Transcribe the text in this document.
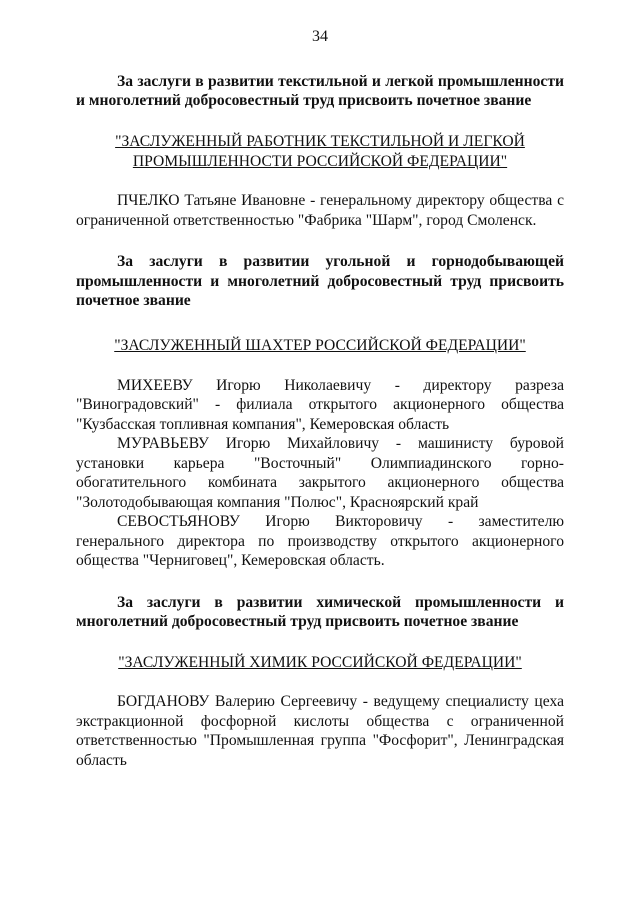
34

За заслуги в развитии текстильной и легкой промышленности и многолетний добросовестный труд присвоить почетное звание

"ЗАСЛУЖЕННЫЙ РАБОТНИК ТЕКСТИЛЬНОЙ И ЛЕГКОЙ
ПРОМЫШЛЕННОСТИ РОССИЙСКОЙ ФЕДЕРАЦИИ"

ПЧЕЛКО Татьяне Ивановне - генеральному директору общества с ограниченной ответственностью "Фабрика "Шарм", город Смоленск.

За заслуги в развитии угольной и горнодобывающей промышленности и многолетний добросовестный труд присвоить почетное звание

"ЗАСЛУЖЕННЫЙ ШАХТЕР РОССИЙСКОЙ ФЕДЕРАЦИИ"

МИХЕЕВУ Игорю Николаевичу - директору разреза "Виноградовский" - филиала открытого акционерного общества "Кузбасская топливная компания", Кемеровская область

МУРАВЬЕВУ Игорю Михайловичу - машинисту буровой установки карьера "Восточный" Олимпиадинского горно-обогатительного комбината закрытого акционерного общества "Золотодобывающая компания "Полюс", Красноярский край

СЕВОСТЬЯНОВУ Игорю Викторовичу - заместителю генерального директора по производству открытого акционерного общества "Черниговец", Кемеровская область.

За заслуги в развитии химической промышленности и многолетний добросовестный труд присвоить почетное звание

"ЗАСЛУЖЕННЫЙ ХИМИК РОССИЙСКОЙ ФЕДЕРАЦИИ"

БОГДАНОВУ Валерию Сергеевичу - ведущему специалисту цеха экстракционной фосфорной кислоты общества с ограниченной ответственностью "Промышленная группа "Фосфорит", Ленинградская область
